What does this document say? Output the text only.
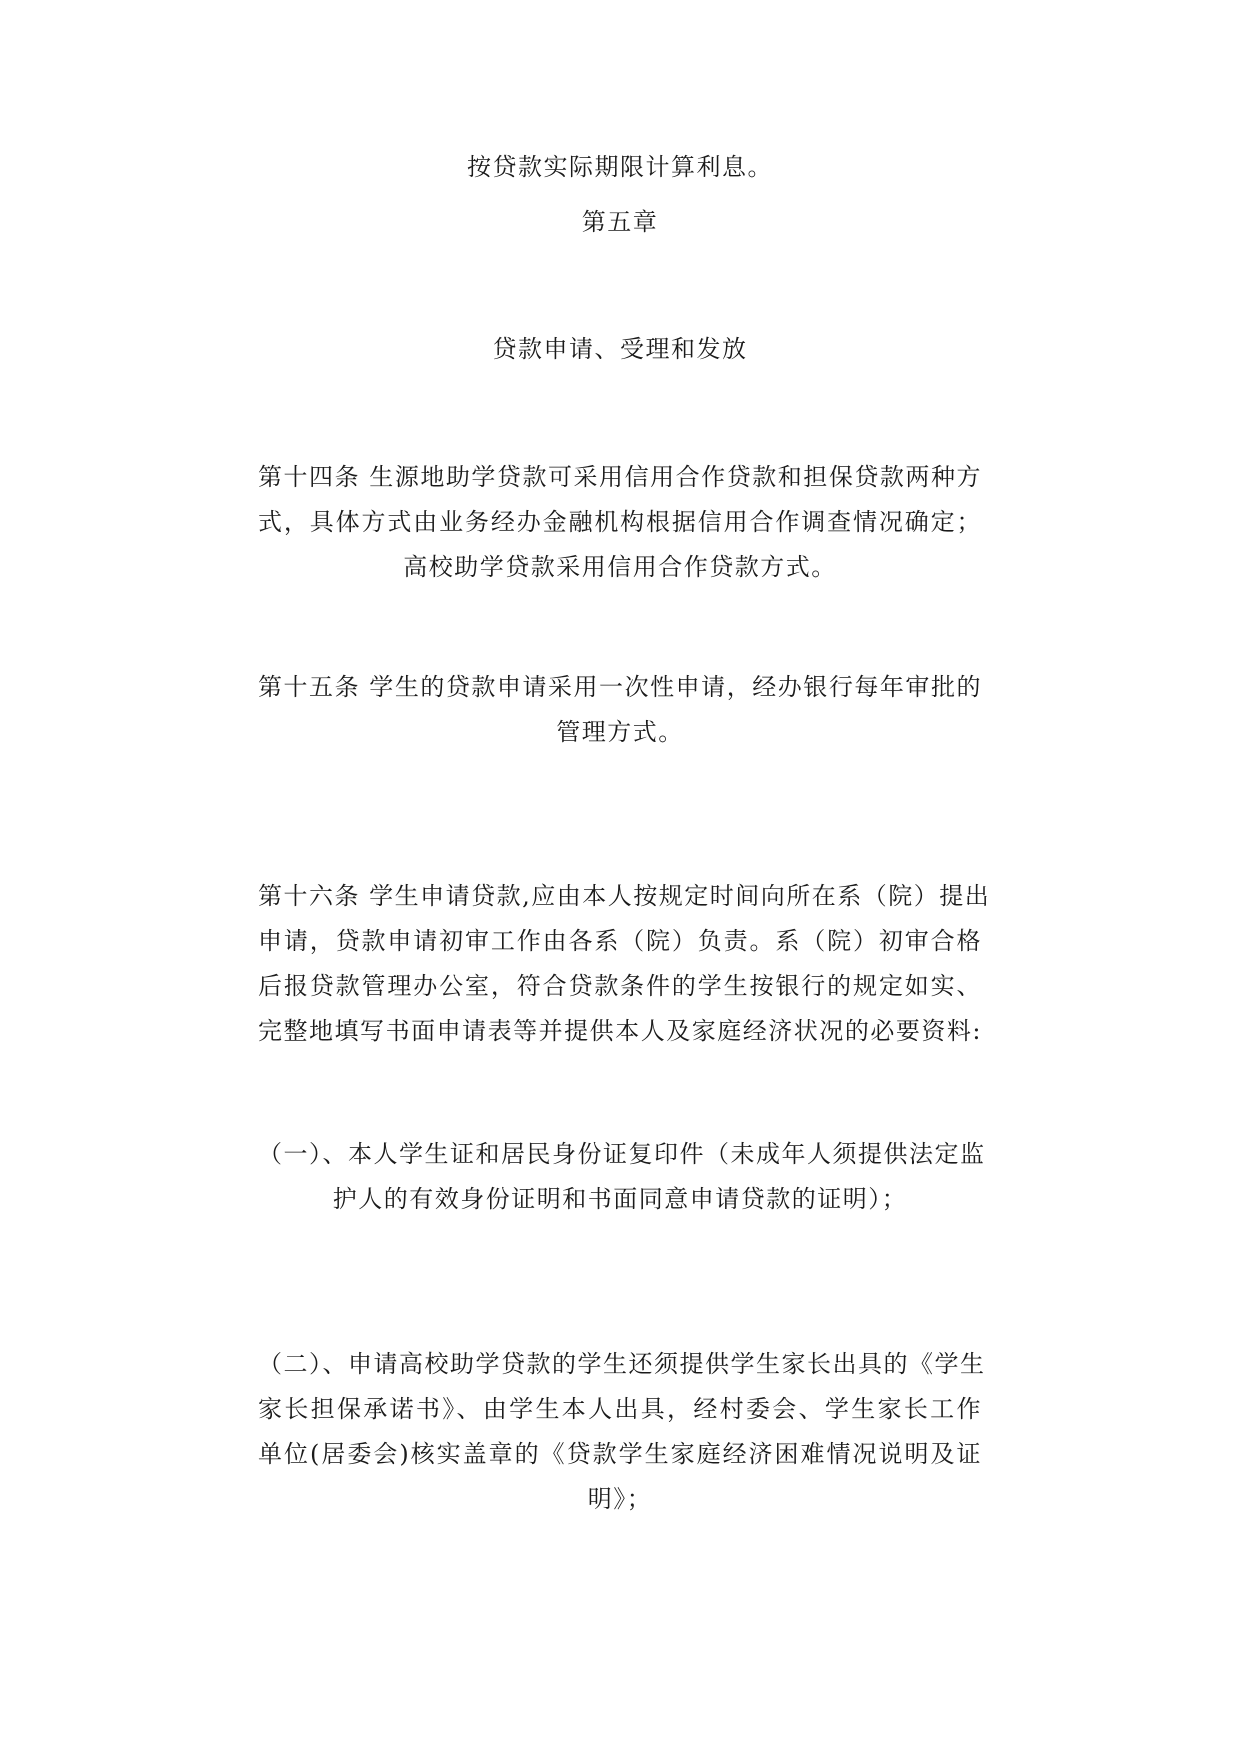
按贷款实际期限计算利息。
第五章
贷款申请、受理和发放
第十四条 生源地助学贷款可采用信用合作贷款和担保贷款两种方
式，具体方式由业务经办金融机构根据信用合作调查情况确定；
高校助学贷款采用信用合作贷款方式。
第十五条 学生的贷款申请采用一次性申请，经办银行每年审批的
管理方式。
第十六条 学生申请贷款,应由本人按规定时间向所在系（院）提出
申请，贷款申请初审工作由各系（院）负责。系（院）初审合格
后报贷款管理办公室，符合贷款条件的学生按银行的规定如实、
完整地填写书面申请表等并提供本人及家庭经济状况的必要资料:
（一）、本人学生证和居民身份证复印件（未成年人须提供法定监
护人的有效身份证明和书面同意申请贷款的证明）；
（二）、申请高校助学贷款的学生还须提供学生家长出具的《学生
家长担保承诺书》、由学生本人出具，经村委会、学生家长工作
单位(居委会)核实盖章的《贷款学生家庭经济困难情况说明及证
明》；
